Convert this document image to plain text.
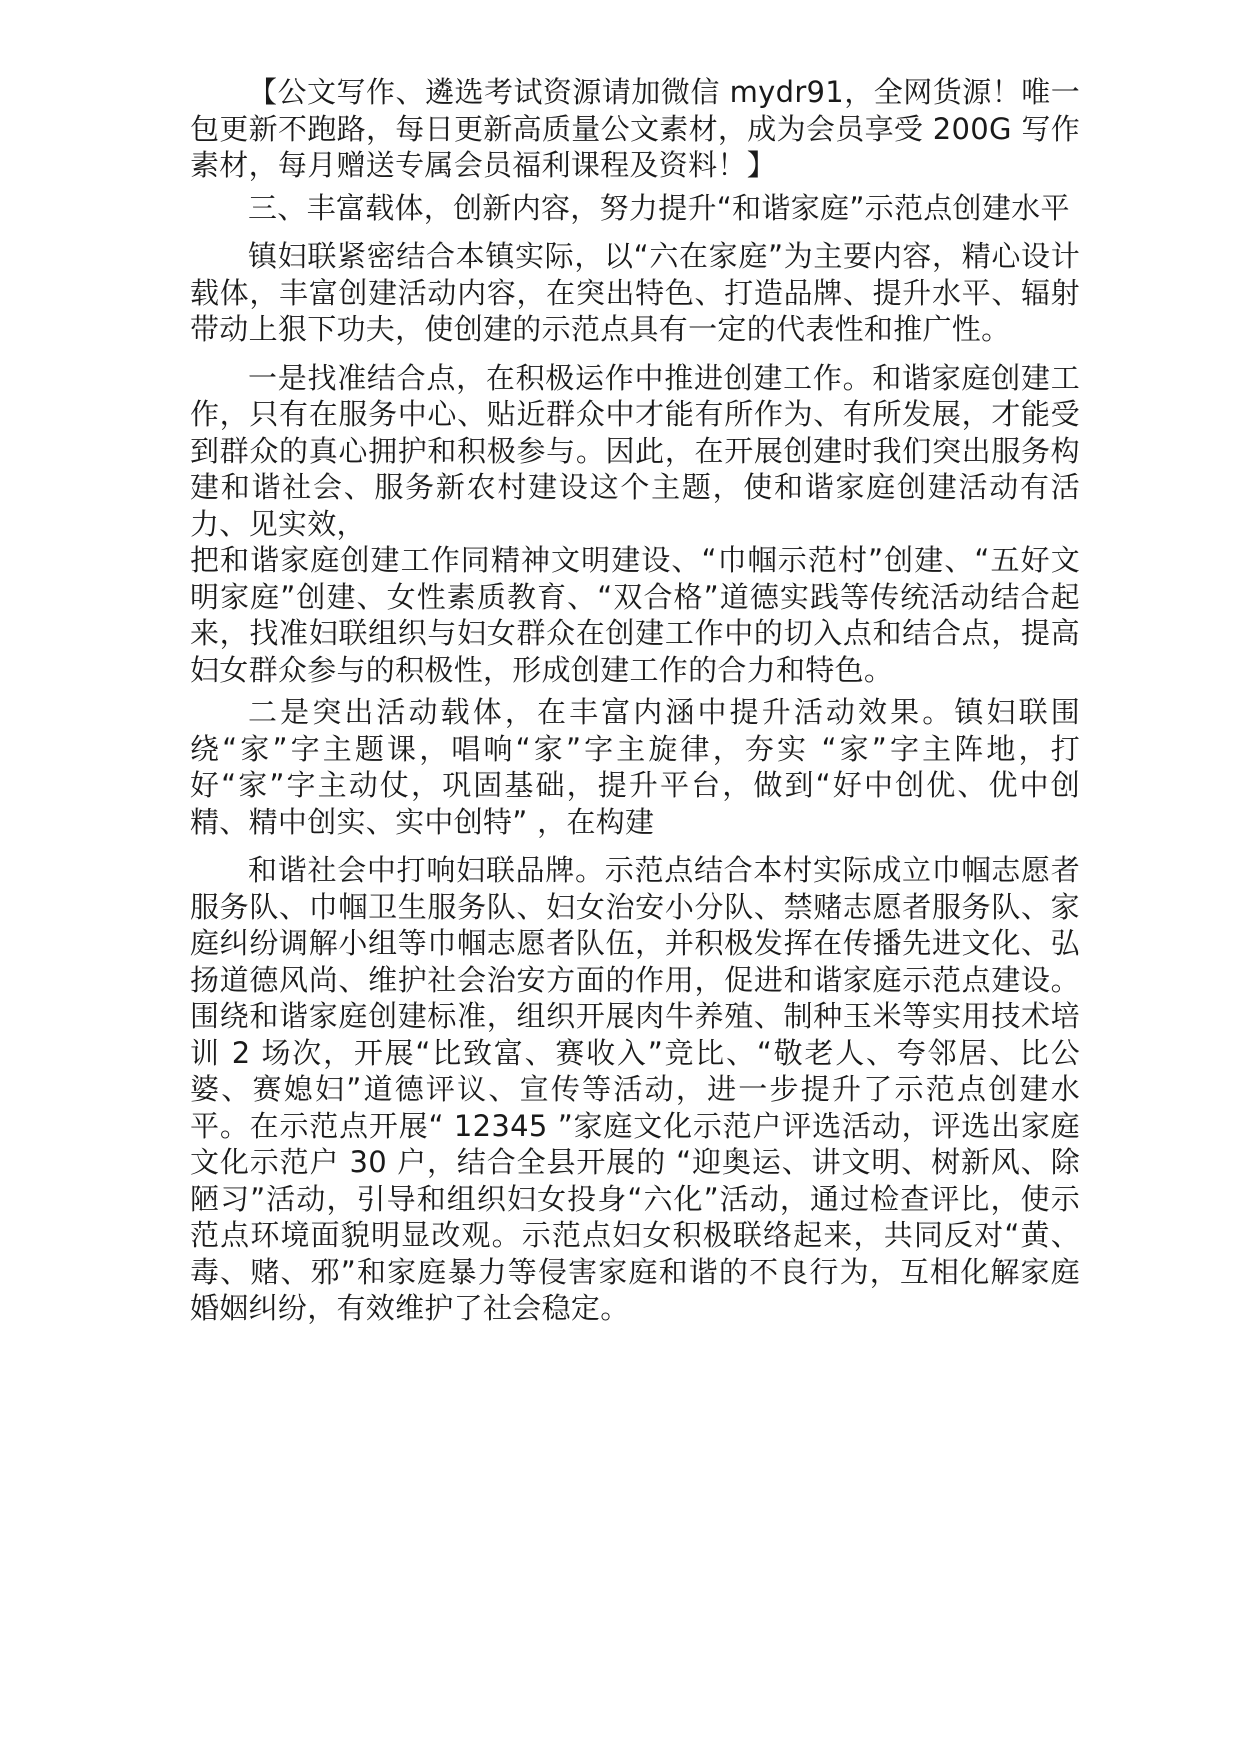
【公文写作、遴选考试资源请加微信 mydr91，全网货源！唯一包更新不跑路，每日更新高质量公文素材，成为会员享受 200G 写作素材，每月赠送专属会员福利课程及资料！】

三、丰富载体，创新内容，努力提升“和谐家庭”示范点创建水平

镇妇联紧密结合本镇实际，以“六在家庭”为主要内容，精心设计载体，丰富创建活动内容，在突出特色、打造品牌、提升水平、辐射带动上狠下功夫，使创建的示范点具有一定的代表性和推广性。

一是找准结合点，在积极运作中推进创建工作。和谐家庭创建工作，只有在服务中心、贴近群众中才能有所作为、有所发展，才能受到群众的真心拥护和积极参与。因此，在开展创建时我们突出服务构建和谐社会、服务新农村建设这个主题，使和谐家庭创建活动有活力、见实效，

把和谐家庭创建工作同精神文明建设、“巾帼示范村”创建、“五好文明家庭”创建、女性素质教育、“双合格”道德实践等传统活动结合起来，找准妇联组织与妇女群众在创建工作中的切入点和结合点，提高妇女群众参与的积极性，形成创建工作的合力和特色。

二是突出活动载体，在丰富内涵中提升活动效果。镇妇联围绕“家”字主题课，唱响“家”字主旋律，夯实 “家”字主阵地，打好“家”字主动仗，巩固基础，提升平台，做到“好中创优、优中创精、精中创实、实中创特” ，在构建

和谐社会中打响妇联品牌。示范点结合本村实际成立巾帼志愿者服务队、巾帼卫生服务队、妇女治安小分队、禁赌志愿者服务队、家庭纠纷调解小组等巾帼志愿者队伍，并积极发挥在传播先进文化、弘扬道德风尚、维护社会治安方面的作用，促进和谐家庭示范点建设。围绕和谐家庭创建标准，组织开展肉牛养殖、制种玉米等实用技术培训 2 场次，开展“比致富、赛收入”竞比、“敬老人、夸邻居、比公婆、赛媳妇”道德评议、宣传等活动，进一步提升了示范点创建水平。在示范点开展“ 12345 ”家庭文化示范户评选活动，评选出家庭文化示范户 30 户，结合全县开展的 “迎奥运、讲文明、树新风、除陋习”活动，引导和组织妇女投身“六化”活动，通过检查评比，使示范点环境面貌明显改观。示范点妇女积极联络起来，共同反对“黄、毒、赌、邪”和家庭暴力等侵害家庭和谐的不良行为，互相化解家庭婚姻纠纷，有效维护了社会稳定。
